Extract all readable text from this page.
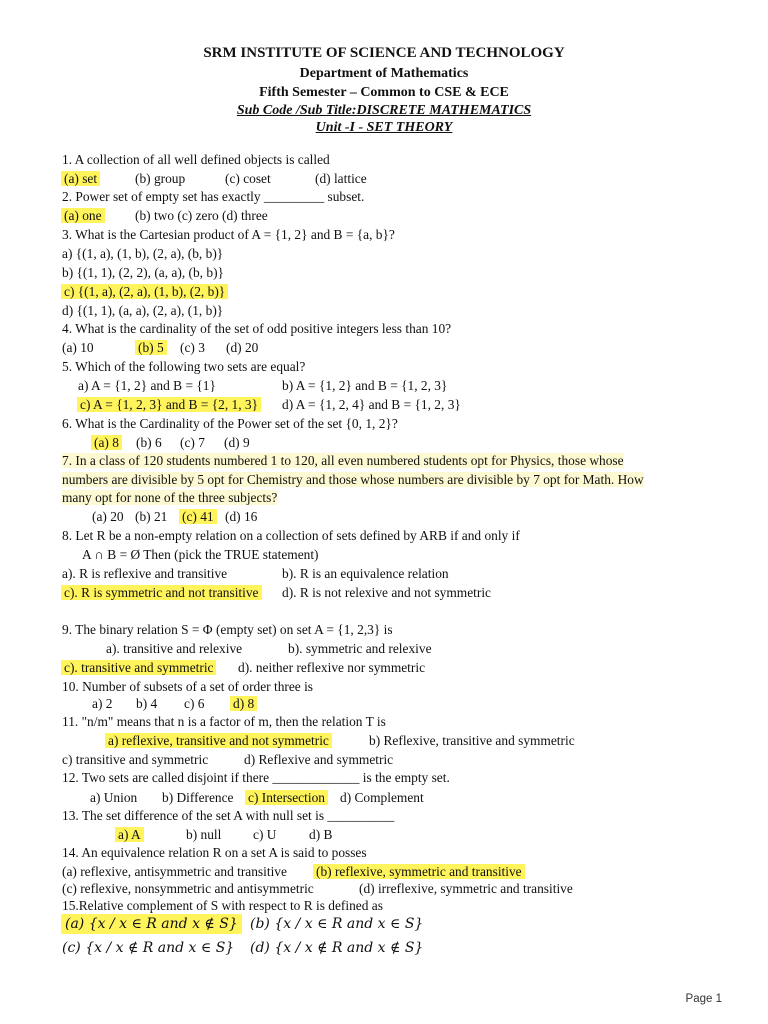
SRM INSTITUTE OF SCIENCE AND TECHNOLOGY
Department of Mathematics
Fifth Semester – Common to CSE & ECE
Sub Code /Sub Title:DISCRETE MATHEMATICS
Unit -I - SET THEORY
1. A collection of all well defined objects is called
(a) set	(b) group	(c) coset	(d) lattice
2. Power set of empty set has exactly _________ subset.
(a) one (b) two (c) zero (d) three
3. What is the Cartesian product of A = {1, 2} and B = {a, b}?
a) {(1, a), (1, b), (2, a), (b, b)}
b) {(1, 1), (2, 2), (a, a), (b, b)}
c) {(1, a), (2, a), (1, b), (2, b)}
d) {(1, 1), (a, a), (2, a), (1, b)}
4. What is the cardinality of the set of odd positive integers less than 10?
(a) 10	(b) 5 (c) 3 (d) 20
5. Which of the following two sets are equal?
a) A = {1, 2} and B = {1}	b) A = {1, 2} and B = {1, 2, 3}
c) A = {1, 2, 3} and B = {2, 1, 3} d) A = {1, 2, 4} and B = {1, 2, 3}
6. What is the Cardinality of the Power set of the set {0, 1, 2}?
(a) 8 (b) 6 (c) 7 (d) 9
7. In a class of 120 students numbered 1 to 120, all even numbered students opt for Physics, those whose
numbers are divisible by 5 opt for Chemistry and those whose numbers are divisible by 7 opt for Math. How
many opt for none of the three subjects?
(a) 20 (b) 21 (c) 41 (d) 16
8. Let R be a non-empty relation on a collection of sets defined by ARB if and only if
A ∩ B = Ø Then (pick the TRUE statement)
a). R is reflexive and transitive	b). R is an equivalence relation
c). R is symmetric and not transitive d). R is not relexive and not symmetric
9. The binary relation S = Φ (empty set) on set A = {1, 2,3} is
a). transitive and relexive	b). symmetric and relexive
c). transitive and symmetric d). neither reflexive nor symmetric
10. Number of subsets of a set of order three is
a) 2 b) 4 c) 6 d) 8
11. "n/m" means that n is a factor of m, then the relation T is
a) reflexive, transitive and not symmetric	b) Reflexive, transitive and symmetric
c) transitive and symmetric	d) Reflexive and symmetric
12. Two sets are called disjoint if there _____________ is the empty set.
a) Union b) Difference c) Intersection d) Complement
13. The set difference of the set A with null set is __________
a) A	b) null c) U d) B
14. An equivalence relation R on a set A is said to posses
(a) reflexive, antisymmetric and transitive (b) reflexive, symmetric and transitive
(c) reflexive, nonsymmetric and antisymmetric	(d) irreflexive, symmetric and transitive
15.Relative complement of S with respect to R is defined as
(a) {x / x ∈ R and x ∉ S} (b) {x / x ∈ R and x ∈ S}
(c) {x / x ∉ R and x ∈ S} (d) {x / x ∉ R and x ∉ S}
Page 1
